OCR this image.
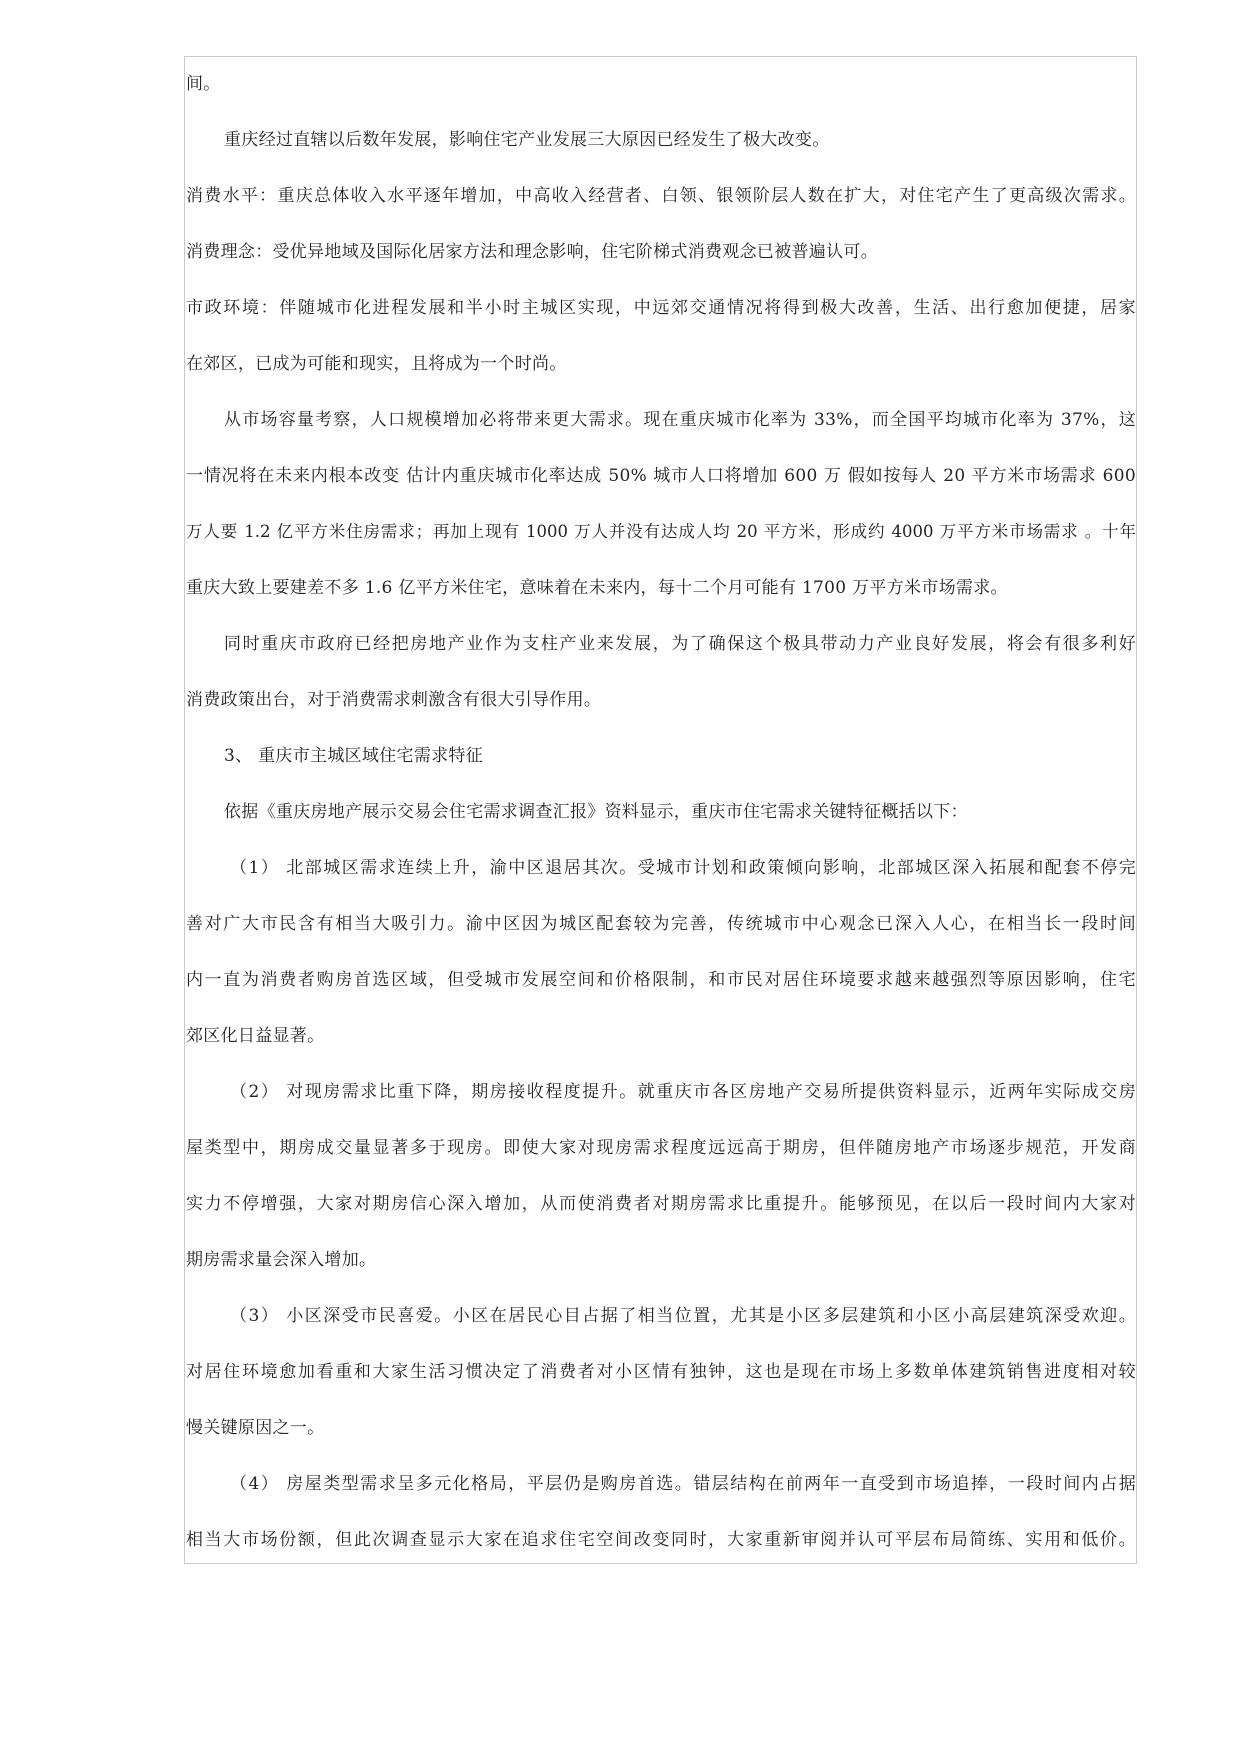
间。
重庆经过直辖以后数年发展，影响住宅产业发展三大原因已经发生了极大改变。
消费水平：重庆总体收入水平逐年增加，中高收入经营者、白领、银领阶层人数在扩大，对住宅产生了更高级次需求。
消费理念：受优异地域及国际化居家方法和理念影响，住宅阶梯式消费观念已被普遍认可。
市政环境：伴随城市化进程发展和半小时主城区实现，中远郊交通情况将得到极大改善，生活、出行愈加便捷，居家
在郊区，已成为可能和现实，且将成为一个时尚。
从市场容量考察，人口规模增加必将带来更大需求。现在重庆城市化率为 33%，而全国平均城市化率为 37%，这
一情况将在未来内根本改变 估计内重庆城市化率达成 50% 城市人口将增加 600 万 假如按每人 20 平方米市场需求 600
万人要 1.2 亿平方米住房需求；再加上现有 1000 万人并没有达成人均 20 平方米，形成约 4000 万平方米市场需求 。十年
重庆大致上要建差不多 1.6 亿平方米住宅，意味着在未来内，每十二个月可能有 1700 万平方米市场需求。
同时重庆市政府已经把房地产业作为支柱产业来发展，为了确保这个极具带动力产业良好发展，将会有很多利好
消费政策出台，对于消费需求刺激含有很大引导作用。
3、 重庆市主城区域住宅需求特征
依据《重庆房地产展示交易会住宅需求调查汇报》资料显示，重庆市住宅需求关键特征概括以下：
（1） 北部城区需求连续上升，渝中区退居其次。受城市计划和政策倾向影响，北部城区深入拓展和配套不停完
善对广大市民含有相当大吸引力。渝中区因为城区配套较为完善，传统城市中心观念已深入人心，在相当长一段时间
内一直为消费者购房首选区域，但受城市发展空间和价格限制，和市民对居住环境要求越来越强烈等原因影响，住宅
郊区化日益显著。
（2） 对现房需求比重下降，期房接收程度提升。就重庆市各区房地产交易所提供资料显示，近两年实际成交房
屋类型中，期房成交量显著多于现房。即使大家对现房需求程度远远高于期房，但伴随房地产市场逐步规范，开发商
实力不停增强，大家对期房信心深入增加，从而使消费者对期房需求比重提升。能够预见，在以后一段时间内大家对
期房需求量会深入增加。
（3） 小区深受市民喜爱。小区在居民心目占据了相当位置，尤其是小区多层建筑和小区小高层建筑深受欢迎。
对居住环境愈加看重和大家生活习惯决定了消费者对小区情有独钟，这也是现在市场上多数单体建筑销售进度相对较
慢关键原因之一。
（4） 房屋类型需求呈多元化格局，平层仍是购房首选。错层结构在前两年一直受到市场追捧，一段时间内占据
相当大市场份额，但此次调查显示大家在追求住宅空间改变同时，大家重新审阅并认可平层布局简练、实用和低价。
